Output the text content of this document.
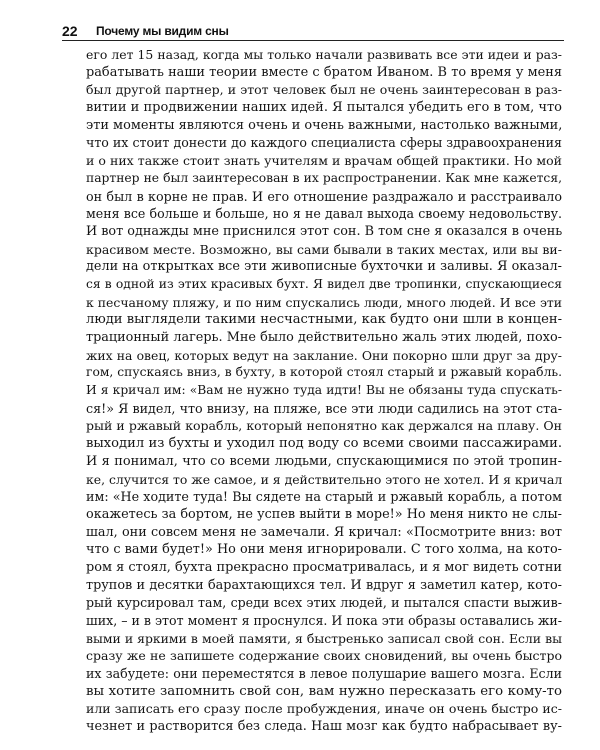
22 Почему мы видим сны
его лет 15 назад, когда мы только начали развивать все эти идеи и раз-
рабатывать наши теории вместе с братом Иваном. В то время у меня
был другой партнер, и этот человек был не очень заинтересован в раз-
витии и продвижении наших идей. Я пытался убедить его в том, что
эти моменты являются очень и очень важными, настолько важными,
что их стоит донести до каждого специалиста сферы здравоохранения
и о них также стоит знать учителям и врачам общей практики. Но мой
партнер не был заинтересован в их распространении. Как мне кажется,
он был в корне не прав. И его отношение раздражало и расстраивало
меня все больше и больше, но я не давал выхода своему недовольству.
И вот однажды мне приснился этот сон. В том сне я оказался в очень
красивом месте. Возможно, вы сами бывали в таких местах, или вы ви-
дели на открытках все эти живописные бухточки и заливы. Я оказал-
ся в одной из этих красивых бухт. Я видел две тропинки, спускающиеся
к песчаному пляжу, и по ним спускались люди, много людей. И все эти
люди выглядели такими несчастными, как будто они шли в концен-
трационный лагерь. Мне было действительно жаль этих людей, похо-
жих на овец, которых ведут на заклание. Они покорно шли друг за дру-
гом, спускаясь вниз, в бухту, в которой стоял старый и ржавый корабль.
И я кричал им: «Вам не нужно туда идти! Вы не обязаны туда спускать-
ся!» Я видел, что внизу, на пляже, все эти люди садились на этот ста-
рый и ржавый корабль, который непонятно как держался на плаву. Он
выходил из бухты и уходил под воду со всеми своими пассажирами.
И я понимал, что со всеми людьми, спускающимися по этой тропин-
ке, случится то же самое, и я действительно этого не хотел. И я кричал
им: «Не ходите туда! Вы сядете на старый и ржавый корабль, а потом
окажетесь за бортом, не успев выйти в море!» Но меня никто не слы-
шал, они совсем меня не замечали. Я кричал: «Посмотрите вниз: вот
что с вами будет!» Но они меня игнорировали. С того холма, на кото-
ром я стоял, бухта прекрасно просматривалась, и я мог видеть сотни
трупов и десятки барахтающихся тел. И вдруг я заметил катер, кото-
рый курсировал там, среди всех этих людей, и пытался спасти выжив-
ших, – и в этот момент я проснулся. И пока эти образы оставались жи-
выми и яркими в моей памяти, я быстренько записал свой сон. Если вы
сразу же не запишете содержание своих сновидений, вы очень быстро
их забудете: они переместятся в левое полушарие вашего мозга. Если
вы хотите запомнить свой сон, вам нужно пересказать его кому-то
или записать его сразу после пробуждения, иначе он очень быстро ис-
чезнет и растворится без следа. Наш мозг как будто набрасывает ву-
